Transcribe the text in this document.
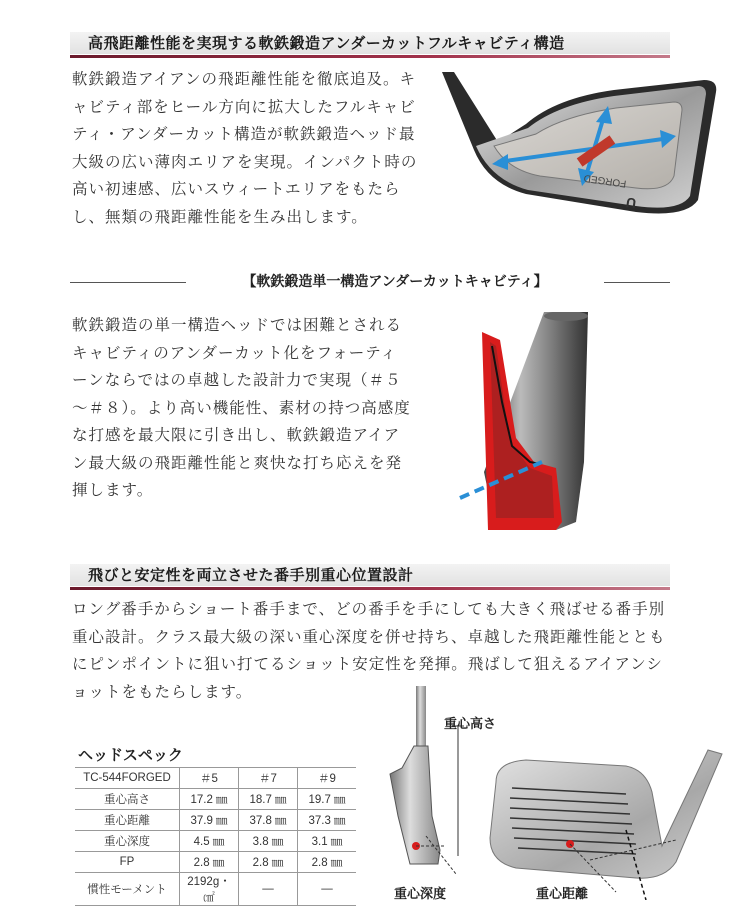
高飛距離性能を実現する軟鉄鍛造アンダーカットフルキャビティ構造
軟鉄鍛造アイアンの飛距離性能を徹底追及。キャビティ部をヒール方向に拡大したフルキャビティ・アンダーカット構造が軟鉄鍛造ヘッド最大級の広い薄肉エリアを実現。インパクト時の高い初速感、広いスウィートエリアをもたらし、無類の飛距離性能を生み出します。
FORGED
U
【軟鉄鍛造単一構造アンダーカットキャビティ】
軟鉄鍛造の単一構造ヘッドでは困難とされるキャビティのアンダーカット化をフォーティーンならではの卓越した設計力で実現（＃５～＃８）。より高い機能性、素材の持つ高感度な打感を最大限に引き出し、軟鉄鍛造アイアン最大級の飛距離性能と爽快な打ち応えを発揮します。
飛びと安定性を両立させた番手別重心位置設計
ロング番手からショート番手まで、どの番手を手にしても大きく飛ばせる番手別重心設計。クラス最大級の深い重心深度を併せ持ち、卓越した飛距離性能とともにピンポイントに狙い打てるショット安定性を発揮。飛ばして狙えるアイアンショットをもたらします。
ヘッドスペック
TC-544FORGED	＃5	＃7	＃9
重心高さ	17.2 ㎜	18.7 ㎜	19.7 ㎜
重心距離	37.9 ㎜	37.8 ㎜	37.3 ㎜
重心深度	4.5 ㎜	3.8 ㎜	3.1 ㎜
FP	2.8 ㎜	2.8 ㎜	2.8 ㎜
慣性モーメント	2192g・㎠	—	—
重心高さ
重心深度	重心距離
